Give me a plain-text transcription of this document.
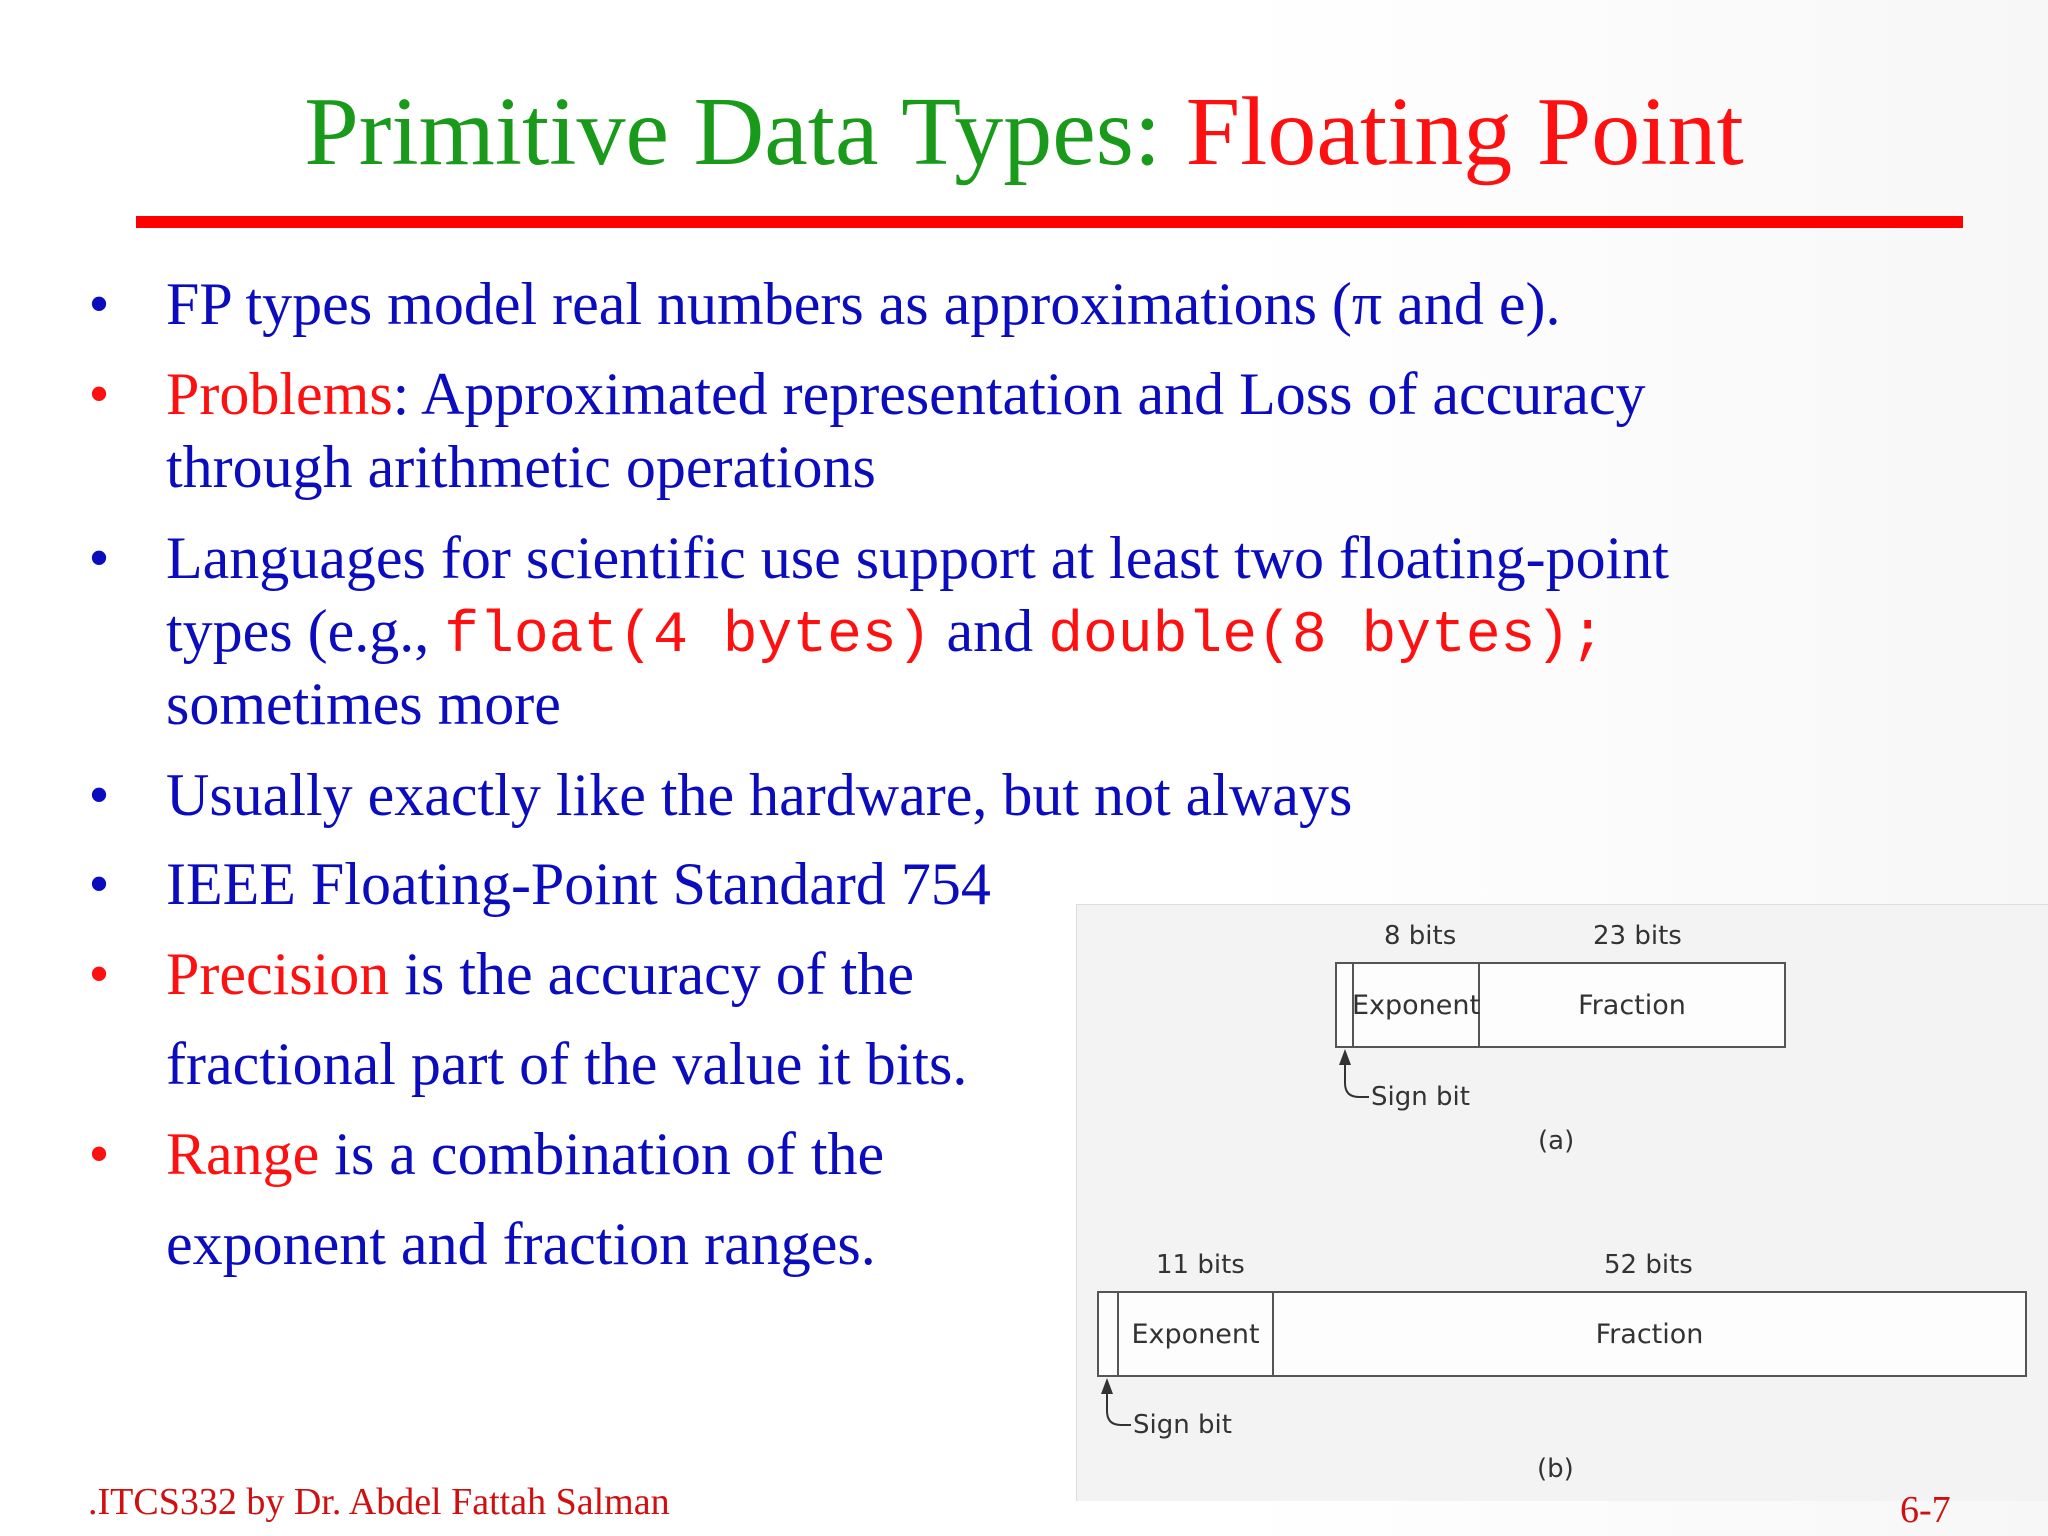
Primitive Data Types: Floating Point
• FP types model real numbers as approximations (π and e).
• Problems: Approximated representation and Loss of accuracy
through arithmetic operations
• Languages for scientific use support at least two floating-point
types (e.g., float(4 bytes) and double(8 bytes);
sometimes more
• Usually exactly like the hardware, but not always
• IEEE Floating-Point Standard 754
• Precision is the accuracy of the
fractional part of the value it bits.
• Range is a combination of the
exponent and fraction ranges.
8 bits	23 bits
Exponent	Fraction
Sign bit
(a)
11 bits	52 bits
Exponent	Fraction
Sign bit
(b)
.ITCS332 by Dr. Abdel Fattah Salman	6-7
